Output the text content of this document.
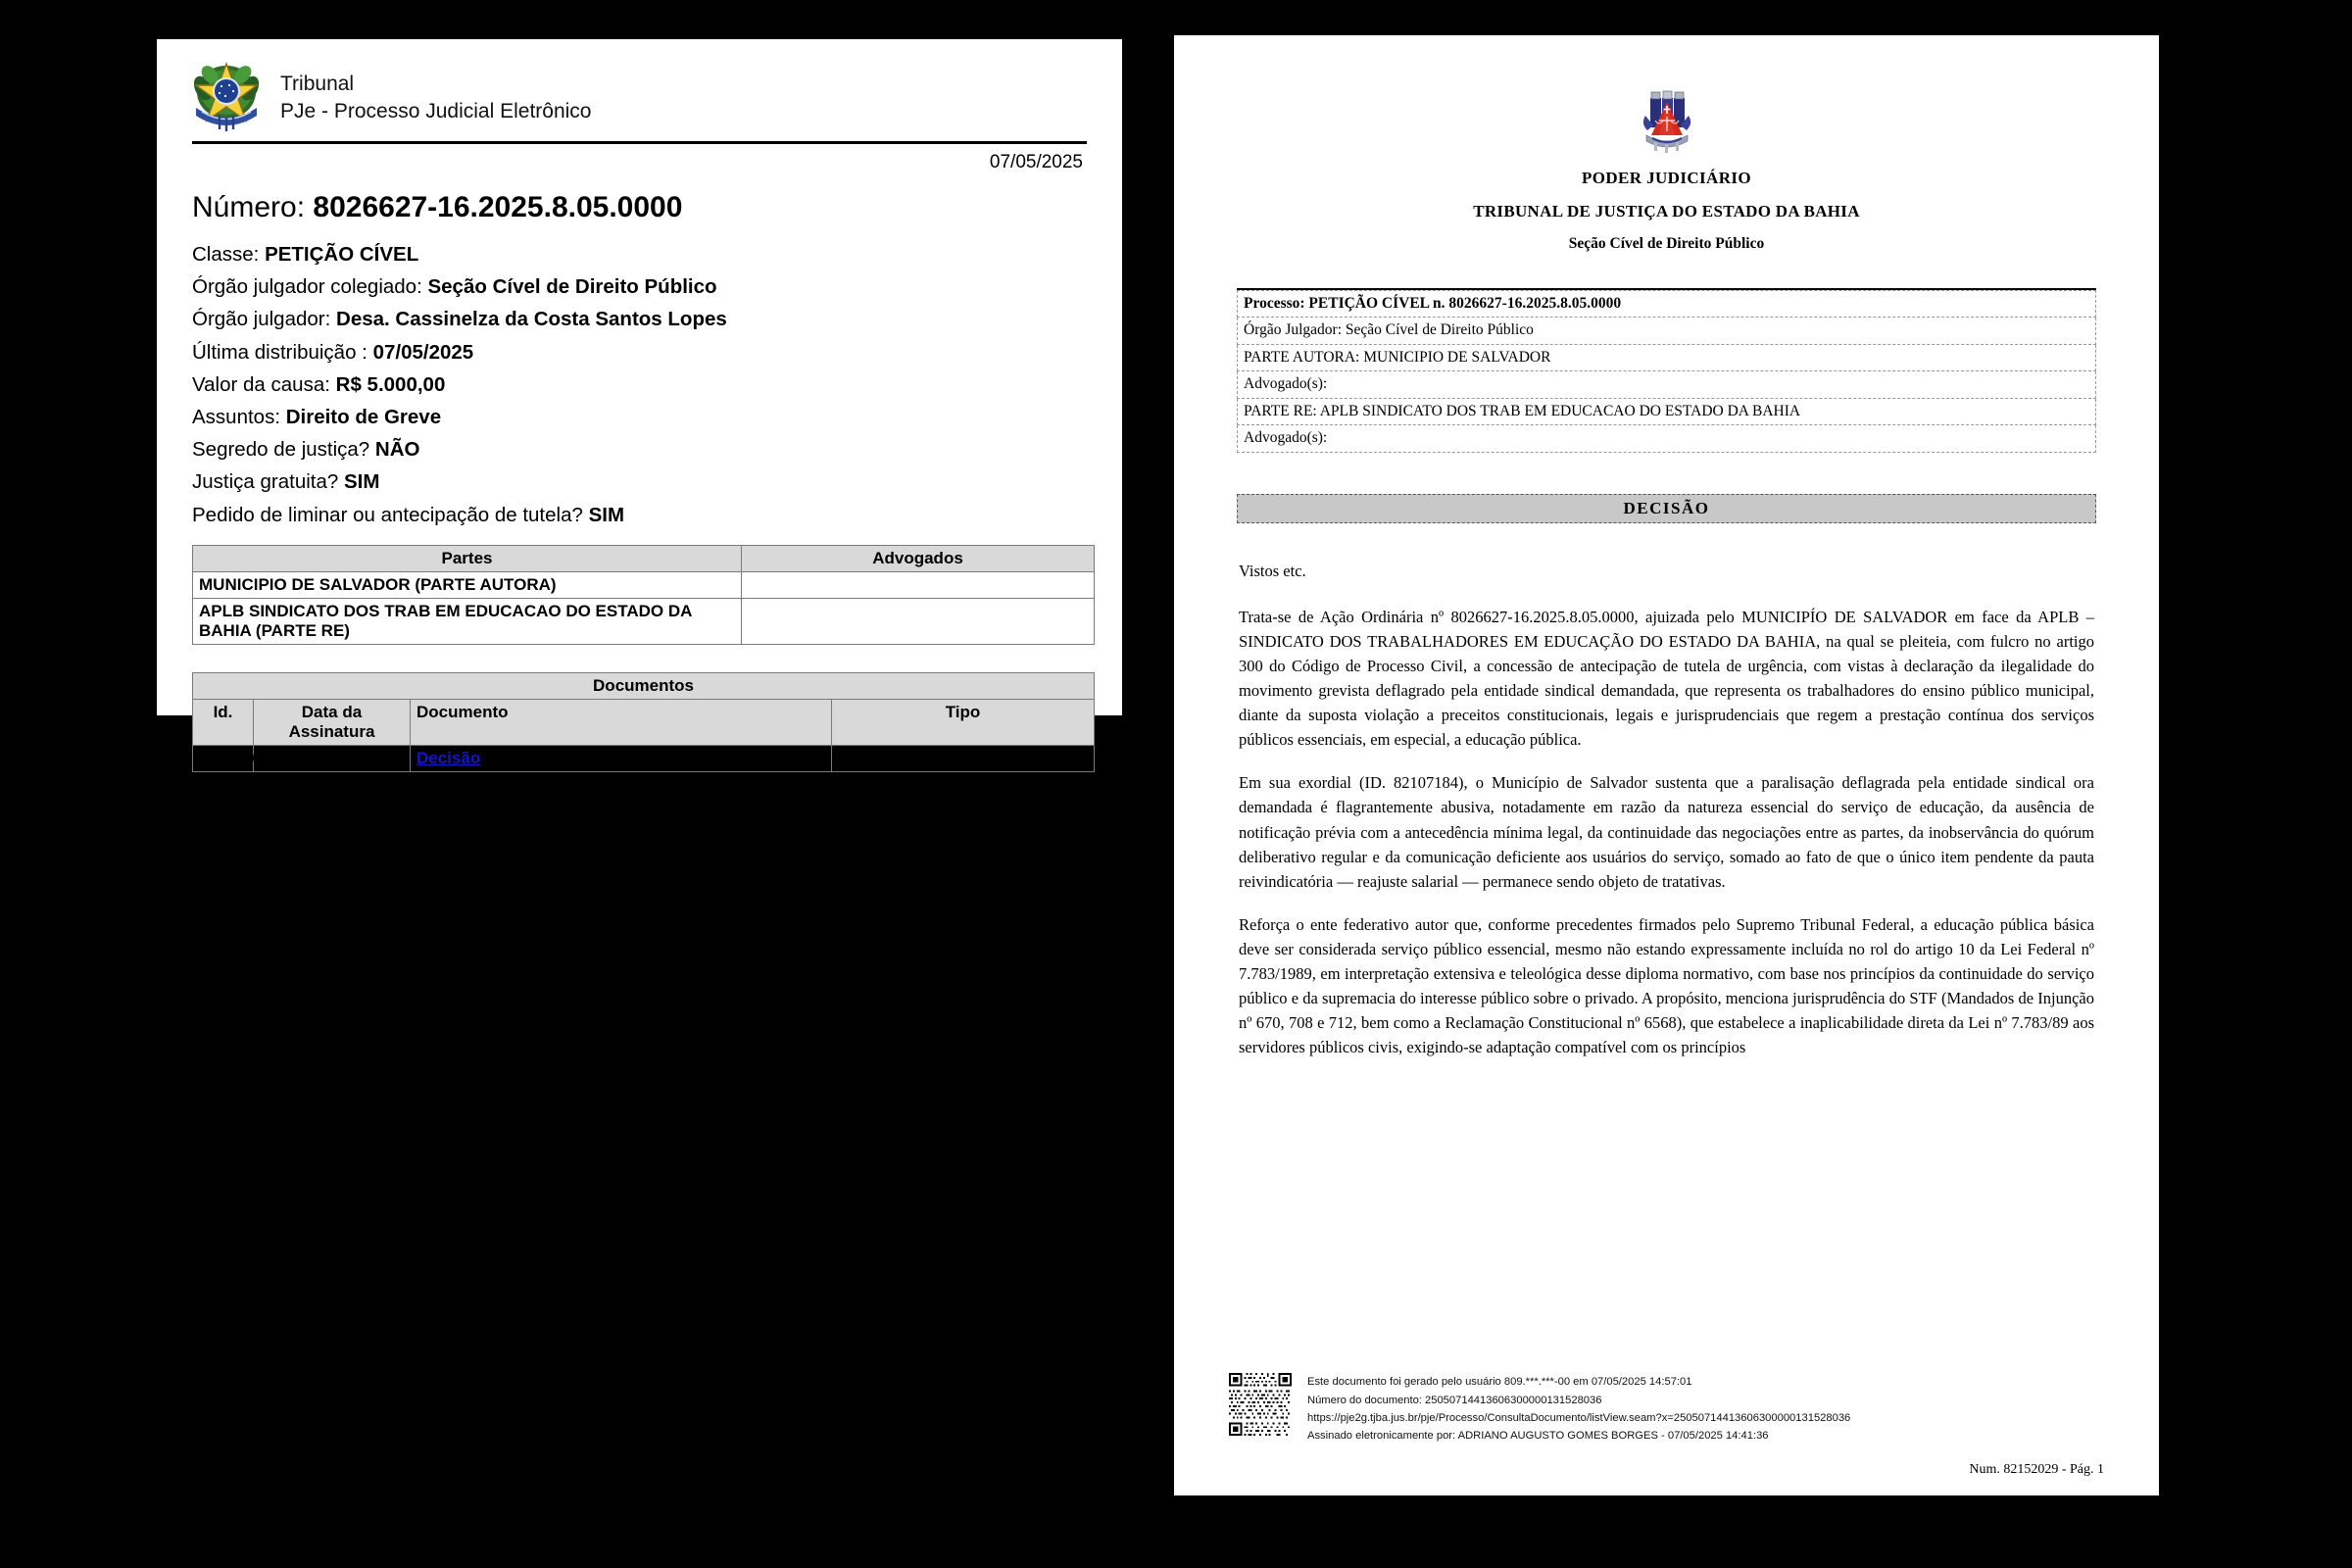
Tribunal
PJe - Processo Judicial Eletrônico
07/05/2025
Número: 8026627-16.2025.8.05.0000
Classe: PETIÇÃO CÍVEL
Órgão julgador colegiado: Seção Cível de Direito Público
Órgão julgador: Desa. Cassinelza da Costa Santos Lopes
Última distribuição : 07/05/2025
Valor da causa: R$ 5.000,00
Assuntos: Direito de Greve
Segredo de justiça? NÃO
Justiça gratuita? SIM
Pedido de liminar ou antecipação de tutela? SIM
Partes	Advogados
MUNICIPIO DE SALVADOR (PARTE AUTORA)	
APLB SINDICATO DOS TRAB EM EDUCACAO DO ESTADO DA BAHIA (PARTE RE)	
Documentos			
Id.	Data da Assinatura	Documento	Tipo
82152029	07/05/2025 14:41	Decisão	Decisão
PODER JUDICIÁRIO
TRIBUNAL DE JUSTIÇA DO ESTADO DA BAHIA
Seção Cível de Direito Público
Processo: PETIÇÃO CÍVEL n. 8026627-16.2025.8.05.0000
Órgão Julgador: Seção Cível de Direito Público
PARTE AUTORA: MUNICIPIO DE SALVADOR
Advogado(s):
PARTE RE: APLB SINDICATO DOS TRAB EM EDUCACAO DO ESTADO DA BAHIA
Advogado(s):
DECISÃO

Vistos etc.

Trata-se de Ação Ordinária nº 8026627-16.2025.8.05.0000, ajuizada pelo MUNICIPÍO DE SALVADOR em face da APLB – SINDICATO DOS TRABALHADORES EM EDUCAÇÃO DO ESTADO DA BAHIA, na qual se pleiteia, com fulcro no artigo 300 do Código de Processo Civil, a concessão de antecipação de tutela de urgência, com vistas à declaração da ilegalidade do movimento grevista deflagrado pela entidade sindical demandada, que representa os trabalhadores do ensino público municipal, diante da suposta violação a preceitos constitucionais, legais e jurisprudenciais que regem a prestação contínua dos serviços públicos essenciais, em especial, a educação pública.

Em sua exordial (ID. 82107184), o Município de Salvador sustenta que a paralisação deflagrada pela entidade sindical ora demandada é flagrantemente abusiva, notadamente em razão da natureza essencial do serviço de educação, da ausência de notificação prévia com a antecedência mínima legal, da continuidade das negociações entre as partes, da inobservância do quórum deliberativo regular e da comunicação deficiente aos usuários do serviço, somado ao fato de que o único item pendente da pauta reivindicatória — reajuste salarial — permanece sendo objeto de tratativas.

Reforça o ente federativo autor que, conforme precedentes firmados pelo Supremo Tribunal Federal, a educação pública básica deve ser considerada serviço público essencial, mesmo não estando expressamente incluída no rol do artigo 10 da Lei Federal nº 7.783/1989, em interpretação extensiva e teleológica desse diploma normativo, com base nos princípios da continuidade do serviço público e da supremacia do interesse público sobre o privado. A propósito, menciona jurisprudência do STF (Mandados de Injunção nº 670, 708 e 712, bem como a Reclamação Constitucional nº 6568), que estabelece a inaplicabilidade direta da Lei nº 7.783/89 aos servidores públicos civis, exigindo-se adaptação compatível com os princípios

Este documento foi gerado pelo usuário 809.***.***-00 em 07/05/2025 14:57:01
Número do documento: 25050714413606300000131528036
https://pje2g.tjba.jus.br/pje/Processo/ConsultaDocumento/listView.seam?x=25050714413606300000131528036
Assinado eletronicamente por: ADRIANO AUGUSTO GOMES BORGES - 07/05/2025 14:41:36
Num. 82152029 - Pág. 1
Jornal Grande Bahia (JGB)
